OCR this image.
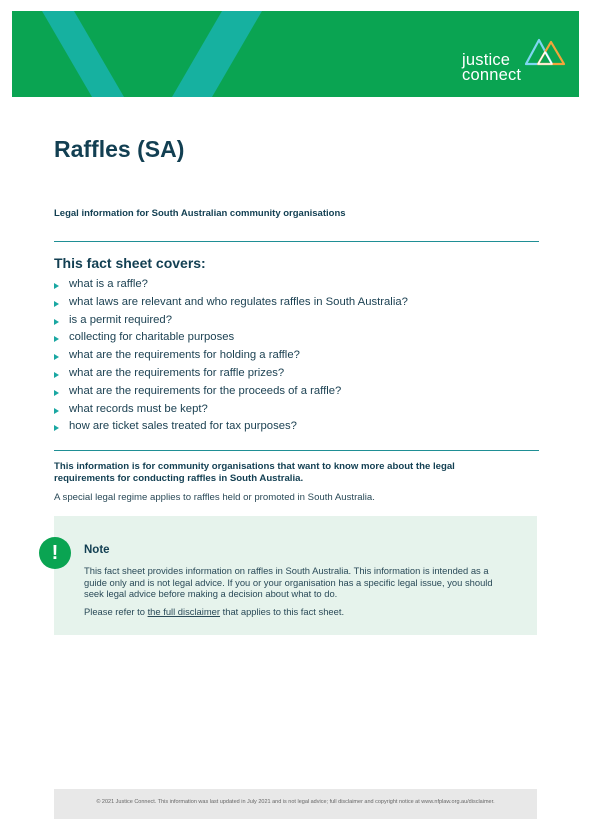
justice
connect
Raffles (SA)
Legal information for South Australian community organisations
This fact sheet covers:
what is a raffle?
what laws are relevant and who regulates raffles in South Australia?
is a permit required?
collecting for charitable purposes
what are the requirements for holding a raffle?
what are the requirements for raffle prizes?
what are the requirements for the proceeds of a raffle?
what records must be kept?
how are ticket sales treated for tax purposes?
This information is for community organisations that want to know more about the legal requirements for conducting raffles in South Australia.
A special legal regime applies to raffles held or promoted in South Australia.
!	Note
This fact sheet provides information on raffles in South Australia. This information is intended as a guide only and is not legal advice. If you or your organisation has a specific legal issue, you should seek legal advice before making a decision about what to do.
Please refer to the full disclaimer that applies to this fact sheet.
© 2021 Justice Connect. This information was last updated in July 2021 and is not legal advice; full disclaimer and copyright notice at www.nfplaw.org.au/disclaimer.
